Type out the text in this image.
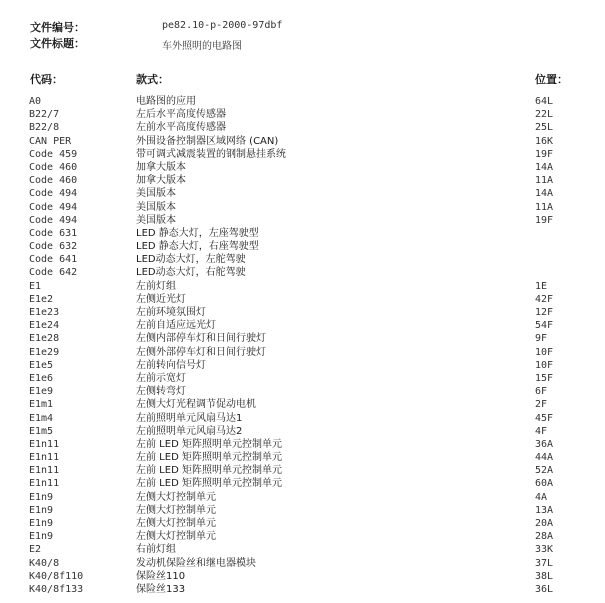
文件编号：	pe82.10-p-2000-97dbf
文件标题：	车外照明的电路图
代码：	款式：	位置：
A0	电路图的应用	64L
B22/7	左后水平高度传感器	22L
B22/8	左前水平高度传感器	25L
CAN PER	外围设备控制器区域网络 (CAN)	16K
Code 459	带可调式减震装置的钢制悬挂系统	19F
Code 460	加拿大版本	14A
Code 460	加拿大版本	11A
Code 494	美国版本	14A
Code 494	美国版本	11A
Code 494	美国版本	19F
Code 631	LED 静态大灯，左座驾驶型
Code 632	LED 静态大灯，右座驾驶型
Code 641	LED动态大灯，左舵驾驶
Code 642	LED动态大灯，右舵驾驶
E1	左前灯组	1E
E1e2	左侧近光灯	42F
E1e23	左前环境氛围灯	12F
E1e24	左前自适应远光灯	54F
E1e28	左侧内部停车灯和日间行驶灯	9F
E1e29	左侧外部停车灯和日间行驶灯	10F
E1e5	左前转向信号灯	10F
E1e6	左前示宽灯	15F
E1e9	左侧转弯灯	6F
E1m1	左侧大灯光程调节促动电机	2F
E1m4	左前照明单元风扇马达1	45F
E1m5	左前照明单元风扇马达2	4F
E1n11	左前 LED 矩阵照明单元控制单元	36A
E1n11	左前 LED 矩阵照明单元控制单元	44A
E1n11	左前 LED 矩阵照明单元控制单元	52A
E1n11	左前 LED 矩阵照明单元控制单元	60A
E1n9	左侧大灯控制单元	4A
E1n9	左侧大灯控制单元	13A
E1n9	左侧大灯控制单元	20A
E1n9	左侧大灯控制单元	28A
E2	右前灯组	33K
K40/8	发动机保险丝和继电器模块	37L
K40/8f110	保险丝110	38L
K40/8f133	保险丝133	36L
